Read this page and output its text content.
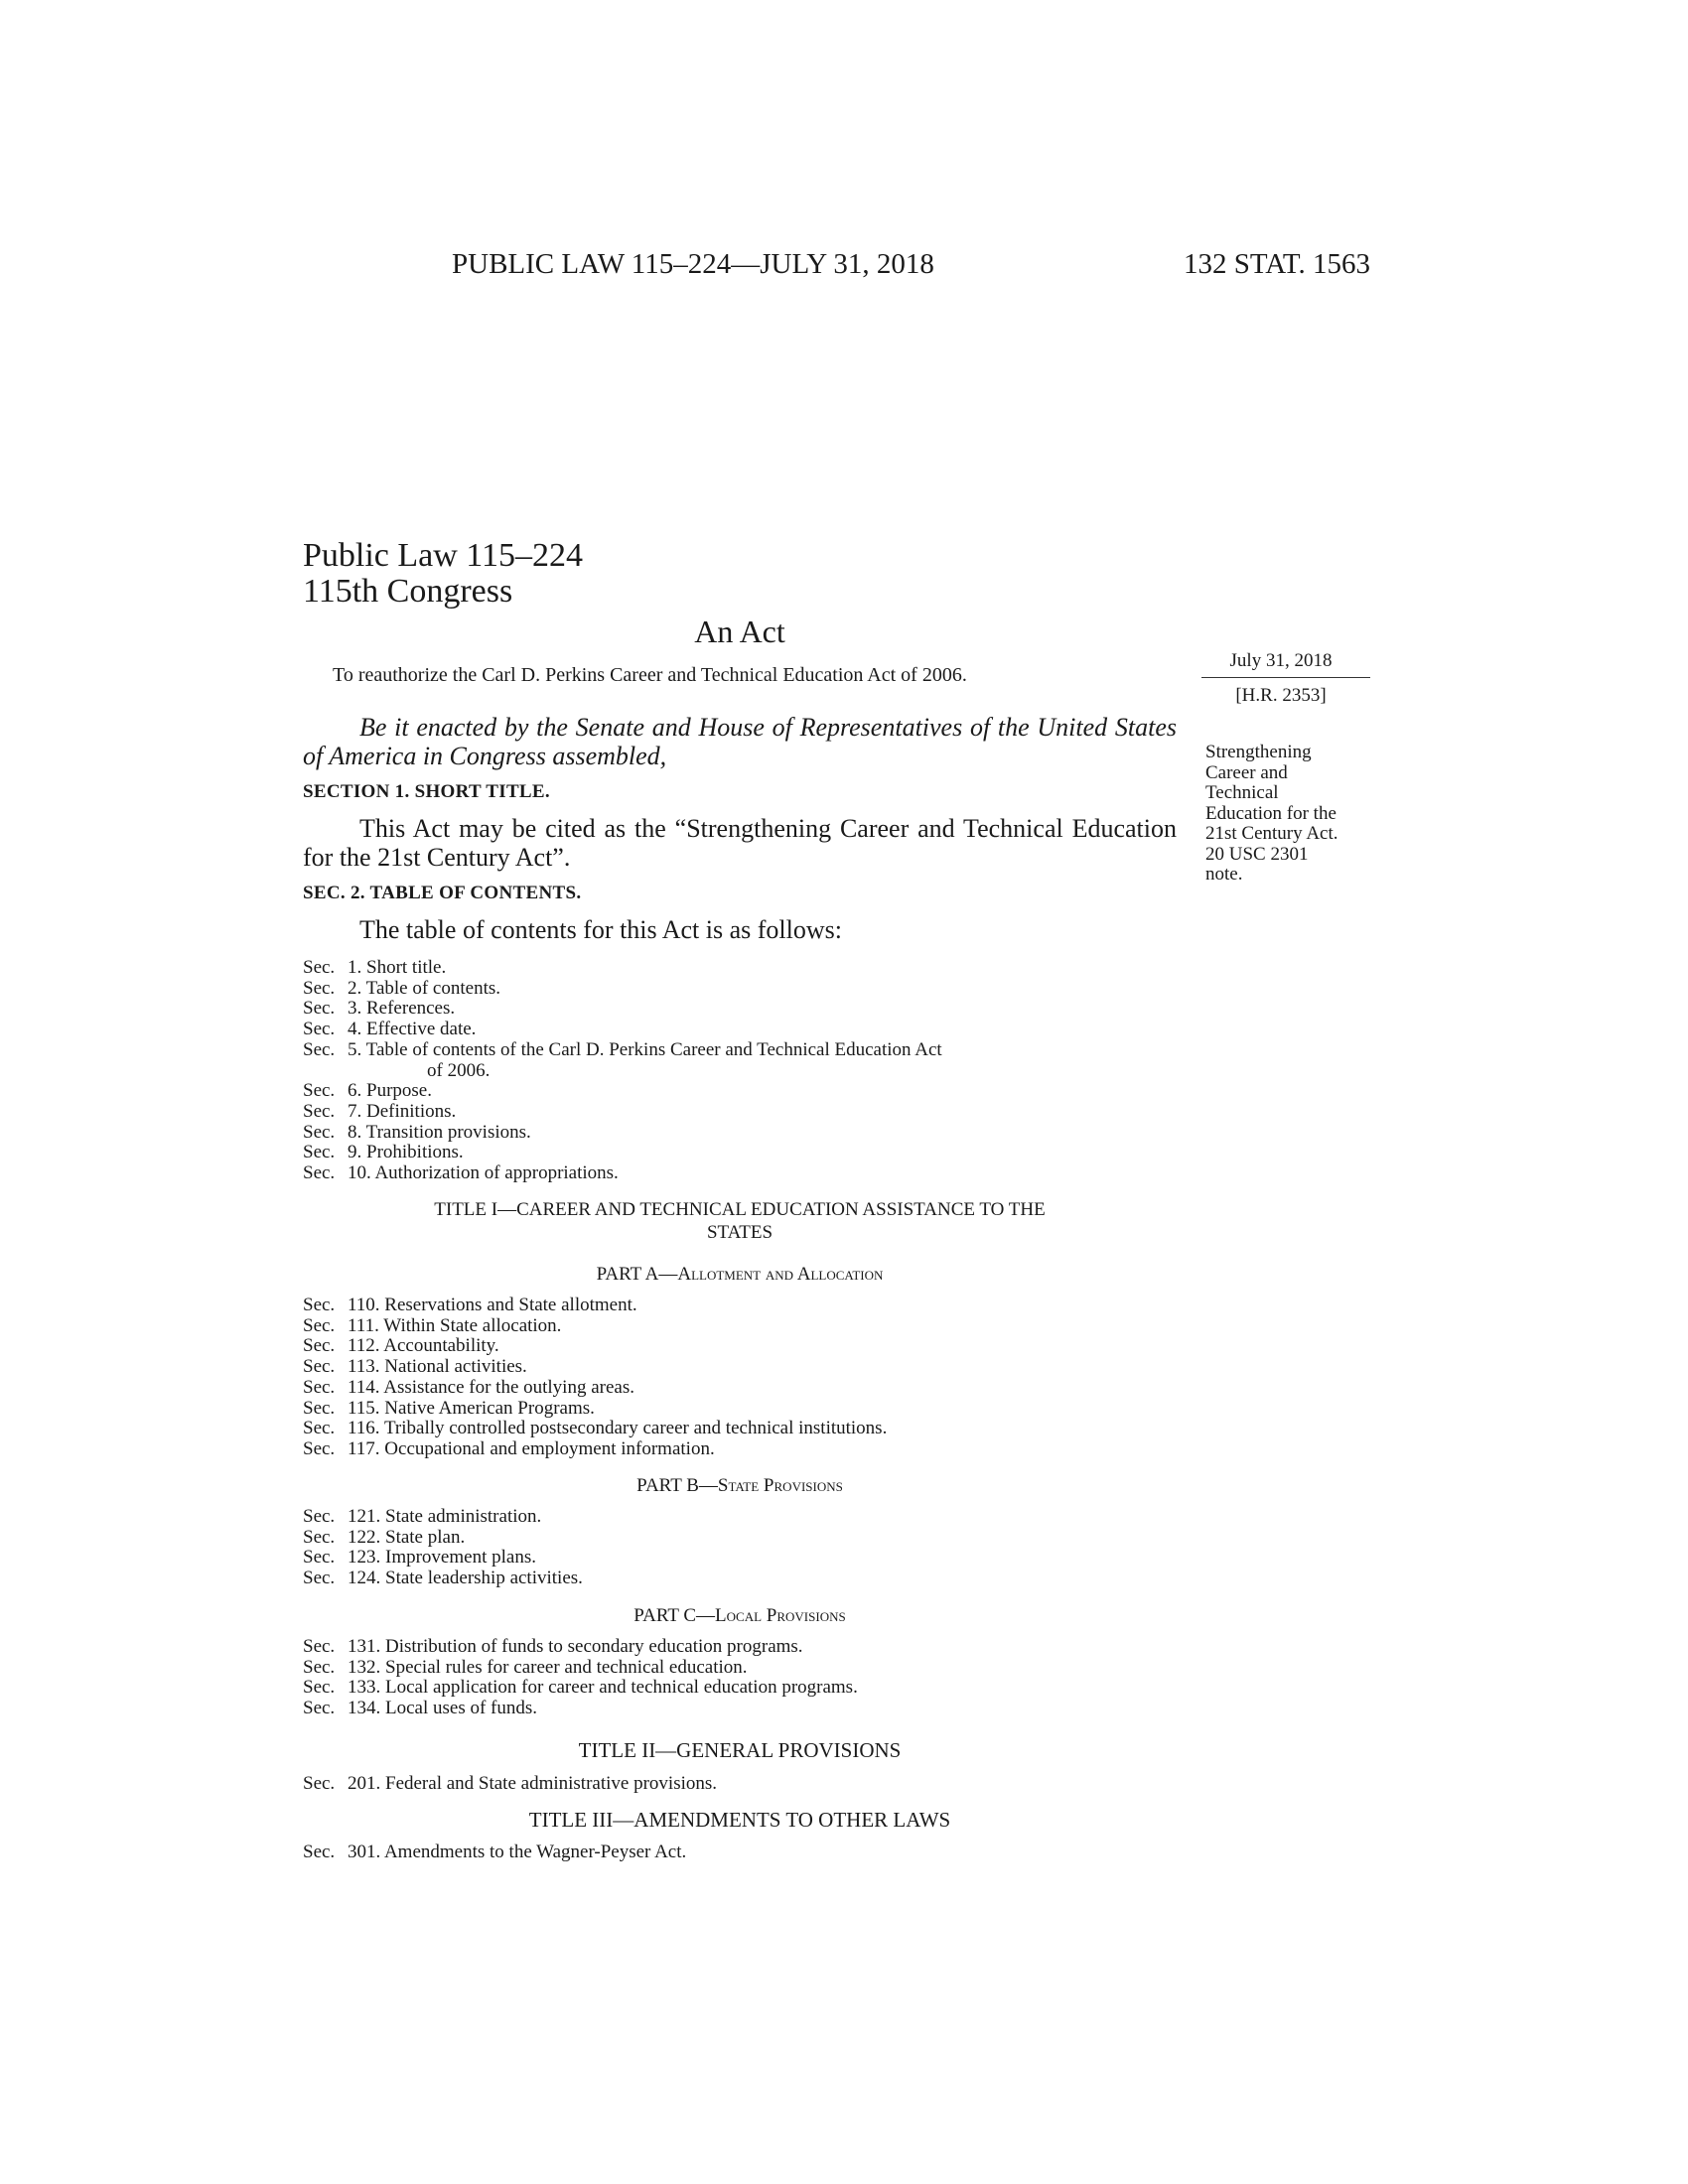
PUBLIC LAW 115–224—JULY 31, 2018	132 STAT. 1563
Public Law 115–224
115th Congress
An Act
To reauthorize the Carl D. Perkins Career and Technical Education Act of 2006.
July 31, 2018
[H.R. 2353]
Strengthening
Career and
Technical
Education for the
21st Century Act.
20 USC 2301
note.
Be it enacted by the Senate and House of Representatives of the United States of America in Congress assembled,
SECTION 1. SHORT TITLE.
This Act may be cited as the “Strengthening Career and Technical Education for the 21st Century Act”.
SEC. 2. TABLE OF CONTENTS.
The table of contents for this Act is as follows:
Sec. 1. Short title.
Sec. 2. Table of contents.
Sec. 3. References.
Sec. 4. Effective date.
Sec. 5. Table of contents of the Carl D. Perkins Career and Technical Education Act
of 2006.
Sec. 6. Purpose.
Sec. 7. Definitions.
Sec. 8. Transition provisions.
Sec. 9. Prohibitions.
Sec. 10. Authorization of appropriations.
TITLE I—CAREER AND TECHNICAL EDUCATION ASSISTANCE TO THE
STATES
PART A—Allotment and Allocation
Sec. 110. Reservations and State allotment.
Sec. 111. Within State allocation.
Sec. 112. Accountability.
Sec. 113. National activities.
Sec. 114. Assistance for the outlying areas.
Sec. 115. Native American Programs.
Sec. 116. Tribally controlled postsecondary career and technical institutions.
Sec. 117. Occupational and employment information.
PART B—State Provisions
Sec. 121. State administration.
Sec. 122. State plan.
Sec. 123. Improvement plans.
Sec. 124. State leadership activities.
PART C—Local Provisions
Sec. 131. Distribution of funds to secondary education programs.
Sec. 132. Special rules for career and technical education.
Sec. 133. Local application for career and technical education programs.
Sec. 134. Local uses of funds.
TITLE II—GENERAL PROVISIONS
Sec. 201. Federal and State administrative provisions.
TITLE III—AMENDMENTS TO OTHER LAWS
Sec. 301. Amendments to the Wagner-Peyser Act.
